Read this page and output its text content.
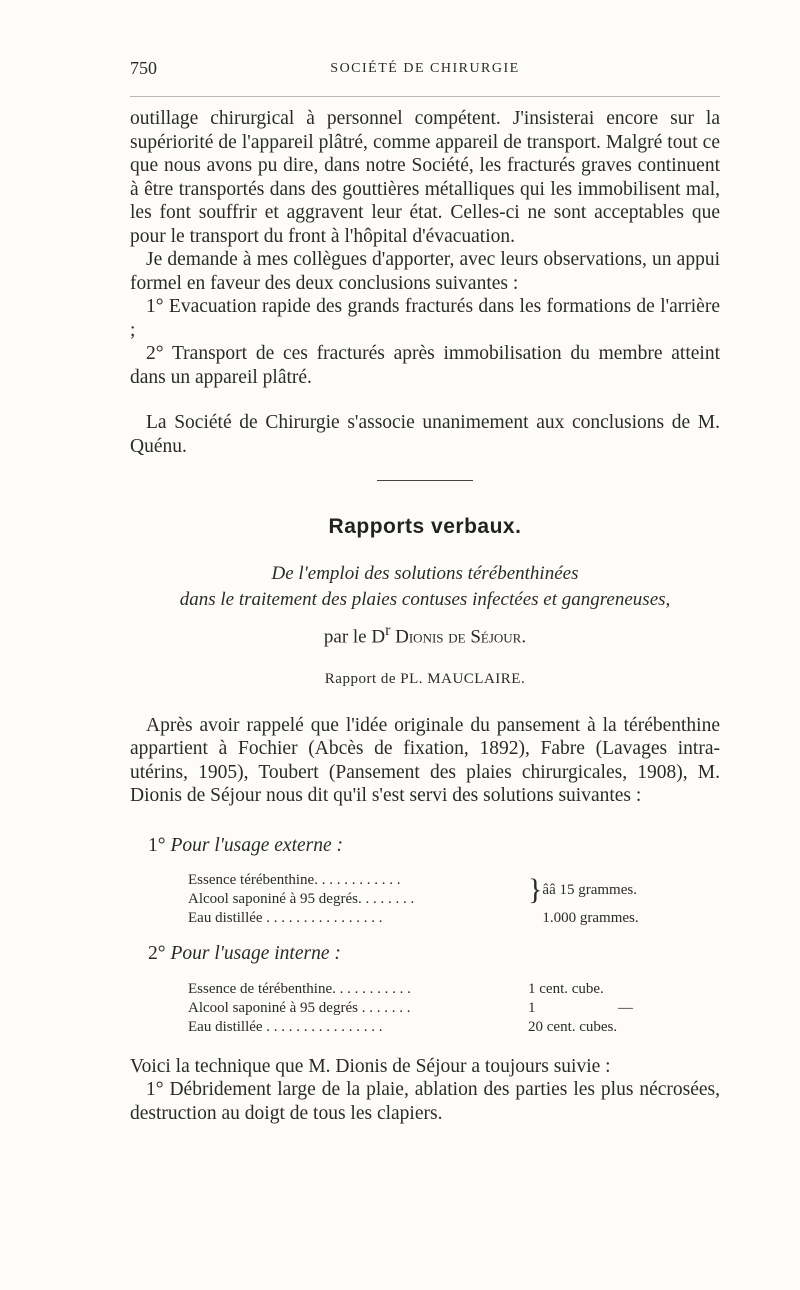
750	SOCIÉTÉ DE CHIRURGIE

outillage chirurgical à personnel compétent. J'insisterai encore sur la supériorité de l'appareil plâtré, comme appareil de transport. Malgré tout ce que nous avons pu dire, dans notre Société, les fracturés graves continuent à être transportés dans des gouttières métalliques qui les immobilisent mal, les font souffrir et aggravent leur état. Celles-ci ne sont acceptables que pour le transport du front à l'hôpital d'évacuation.

Je demande à mes collègues d'apporter, avec leurs observations, un appui formel en faveur des deux conclusions suivantes :

1° Evacuation rapide des grands fracturés dans les formations de l'arrière ;

2° Transport de ces fracturés après immobilisation du membre atteint dans un appareil plâtré.

La Société de Chirurgie s'associe unanimement aux conclusions de M. Quénu.

Rapports verbaux.

De l'emploi des solutions térébenthinées

dans le traitement des plaies contuses infectées et gangreneuses,

par le $D^r$ Dionis de Séjour.

Rapport de PL. MAUCLAIRE.

Après avoir rappelé que l'idée originale du pansement à la térébenthine appartient à Fochier (Abcès de fixation, 1892), Fabre (Lavages intra-utérins, 1905), Toubert (Pansement des plaies chirurgicales, 1908), M. Dionis de Séjour nous dit qu'il s'est servi des solutions suivantes :

1° Pour l'usage externe :

Essence térébenthine. . . . . . . . . . . .	}	ââ 15 grammes.
Alcool saponiné à 95 degrés. . . . . . . .		
Eau distillée . . . . . . . . . . . . . . . .		1.000 grammes.

2° Pour l'usage interne :

Essence de térébenthine. . . . . . . . . . .	1 cent. cube.
Alcool saponiné à 95 degrés . . . . . . .	1 —
Eau distillée . . . . . . . . . . . . . . . .	20 cent. cubes.

Voici la technique que M. Dionis de Séjour a toujours suivie :

1° Débridement large de la plaie, ablation des parties les plus nécrosées, destruction au doigt de tous les clapiers.
